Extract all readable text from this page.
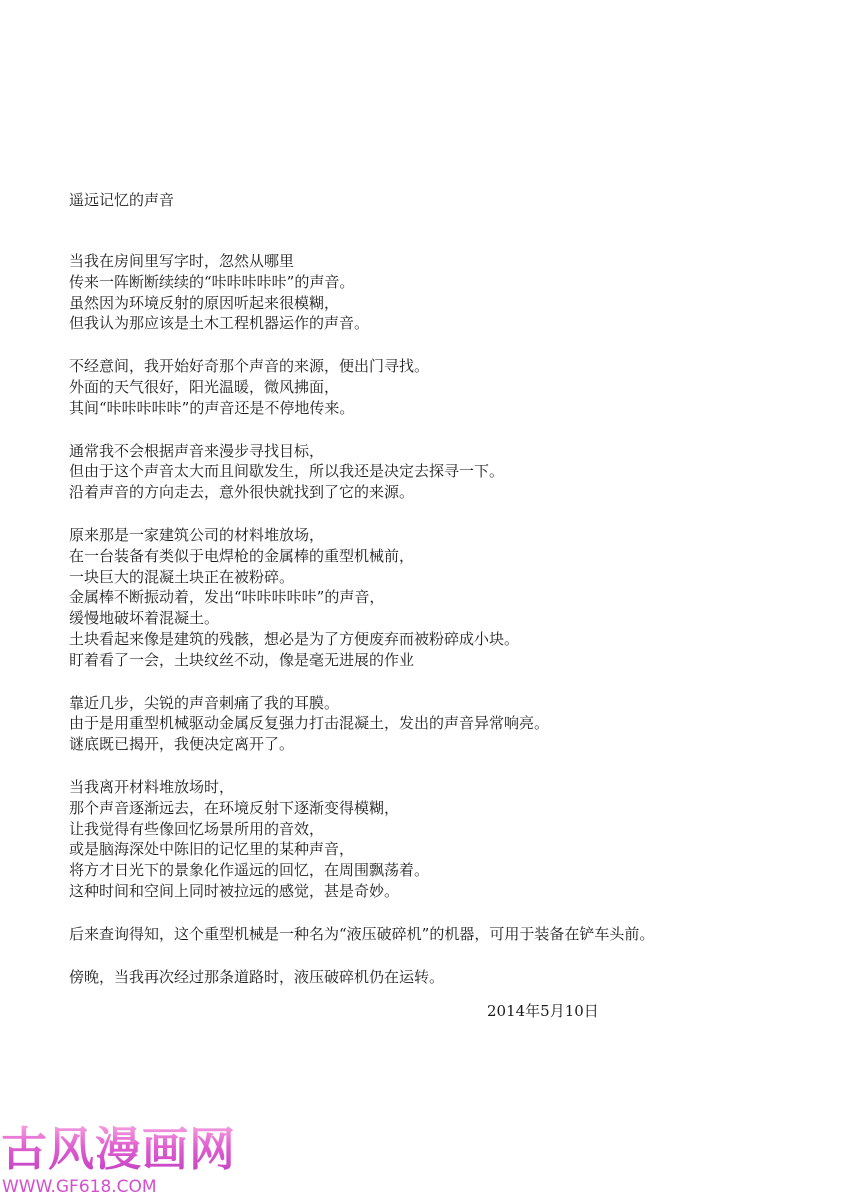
遥远记忆的声音
当我在房间里写字时，忽然从哪里
传来一阵断断续续的“咔咔咔咔咔”的声音。
虽然因为环境反射的原因听起来很模糊，
但我认为那应该是土木工程机器运作的声音。
不经意间，我开始好奇那个声音的来源，便出门寻找。
外面的天气很好，阳光温暖，微风拂面，
其间“咔咔咔咔咔”的声音还是不停地传来。
通常我不会根据声音来漫步寻找目标，
但由于这个声音太大而且间歇发生，所以我还是决定去探寻一下。
沿着声音的方向走去，意外很快就找到了它的来源。
原来那是一家建筑公司的材料堆放场，
在一台装备有类似于电焊枪的金属棒的重型机械前，
一块巨大的混凝土块正在被粉碎。
金属棒不断振动着，发出“咔咔咔咔咔”的声音，
缓慢地破坏着混凝土。
土块看起来像是建筑的残骸，想必是为了方便废弃而被粉碎成小块。
盯着看了一会，土块纹丝不动，像是毫无进展的作业
靠近几步，尖锐的声音刺痛了我的耳膜。
由于是用重型机械驱动金属反复强力打击混凝土，发出的声音异常响亮。
谜底既已揭开，我便决定离开了。
当我离开材料堆放场时，
那个声音逐渐远去，在环境反射下逐渐变得模糊，
让我觉得有些像回忆场景所用的音效，
或是脑海深处中陈旧的记忆里的某种声音，
将方才日光下的景象化作遥远的回忆，在周围飘荡着。
这种时间和空间上同时被拉远的感觉，甚是奇妙。
后来查询得知，这个重型机械是一种名为“液压破碎机”的机器，可用于装备在铲车头前。
傍晚，当我再次经过那条道路时，液压破碎机仍在运转。
2014年5月10日
古风漫画网
WWW.GF618.COM
